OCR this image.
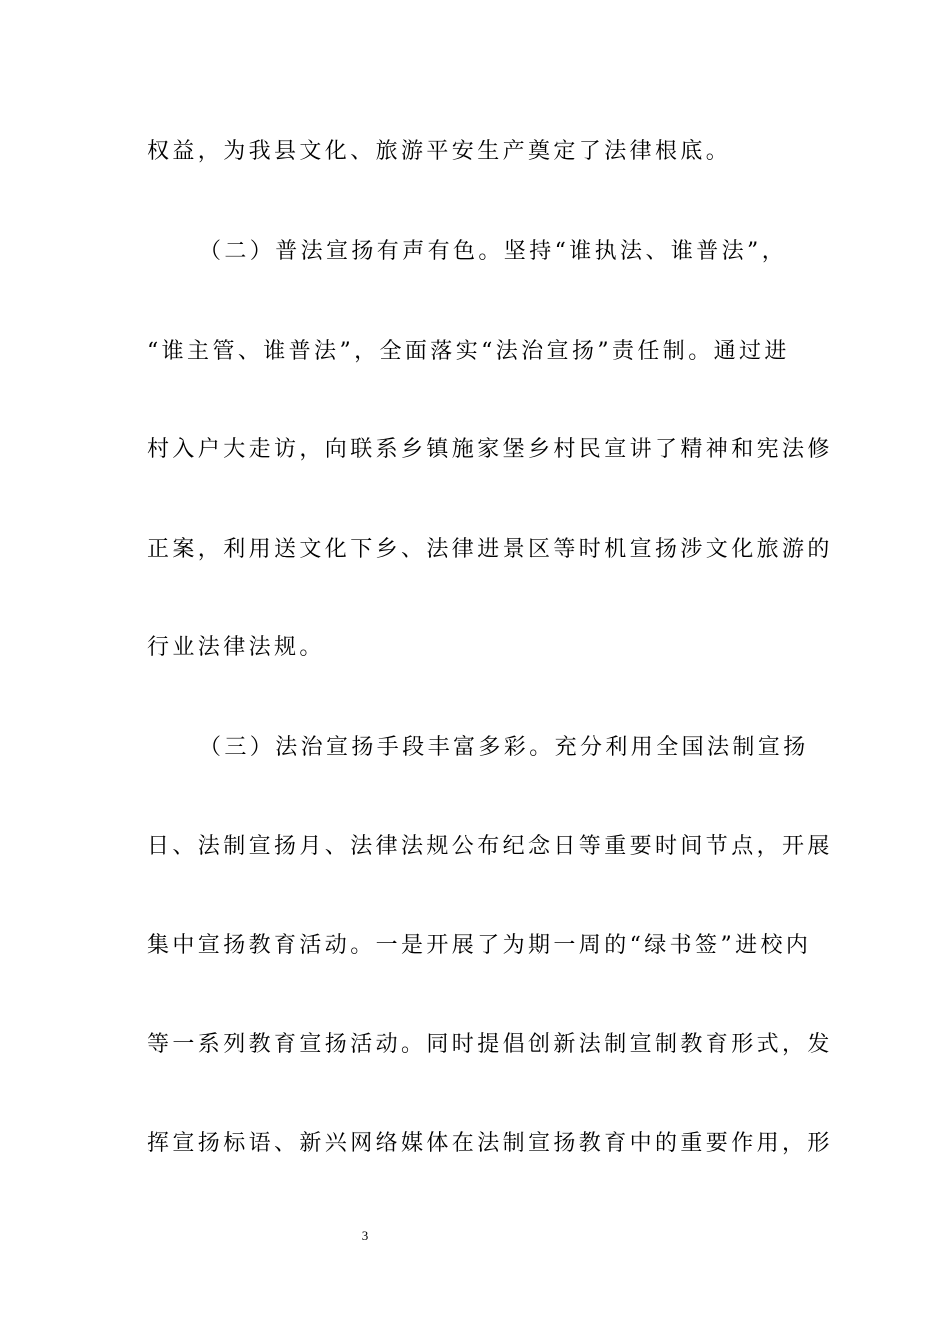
权益，为我县文化、旅游平安生产奠定了法律根底。
（二）普法宣扬有声有色。坚持“谁执法、谁普法”，
“谁主管、谁普法”，全面落实“法治宣扬”责任制。通过进
村入户大走访，向联系乡镇施家堡乡村民宣讲了精神和宪法修
正案，利用送文化下乡、法律进景区等时机宣扬涉文化旅游的
行业法律法规。
（三）法治宣扬手段丰富多彩。充分利用全国法制宣扬
日、法制宣扬月、法律法规公布纪念日等重要时间节点，开展
集中宣扬教育活动。一是开展了为期一周的“绿书签”进校内
等一系列教育宣扬活动。同时提倡创新法制宣制教育形式，发
挥宣扬标语、新兴网络媒体在法制宣扬教育中的重要作用，形
3
